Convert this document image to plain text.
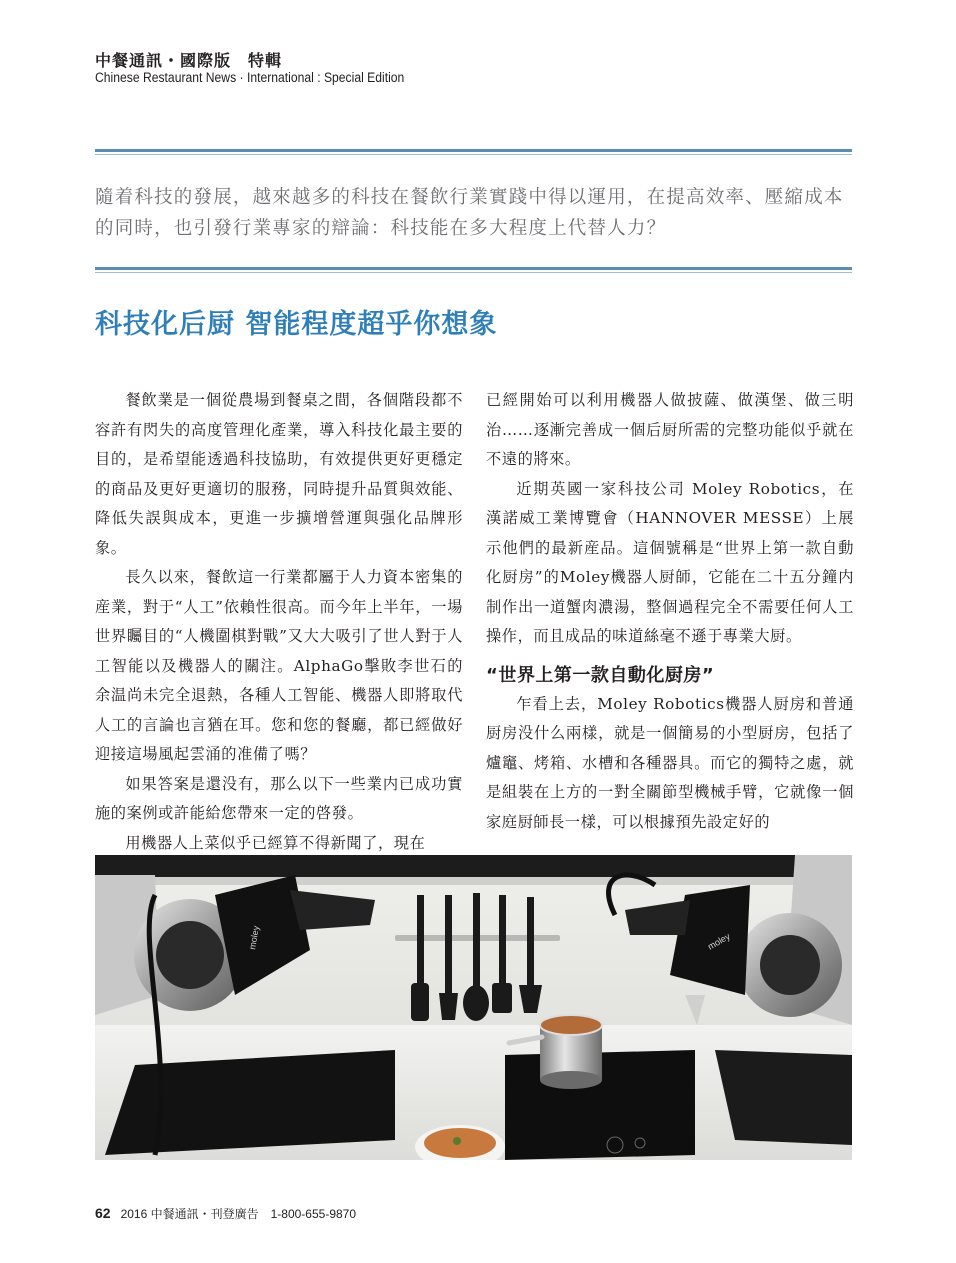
中餐通訊・國際版　特輯
Chinese Restaurant News · International : Special Edition

隨着科技的發展，越來越多的科技在餐飲行業實踐中得以運用，在提高效率、壓縮成本的同時，也引發行業專家的辯論：科技能在多大程度上代替人力？

科技化后厨 智能程度超乎你想象

餐飲業是一個從農場到餐桌之間，各個階段都不容許有閃失的高度管理化產業，導入科技化最主要的目的，是希望能透過科技協助，有效提供更好更穩定的商品及更好更適切的服務，同時提升品質與效能、降低失誤與成本，更進一步擴增營運與强化品牌形象。

長久以來，餐飲這一行業都屬于人力資本密集的産業，對于“人工”依賴性很高。而今年上半年，一場世界矚目的“人機圍棋對戰”又大大吸引了世人對于人工智能以及機器人的關注。AlphaGo擊敗李世石的余温尚未完全退熱，各種人工智能、機器人即將取代人工的言論也言猶在耳。您和您的餐廳，都已經做好迎接這場風起雲涌的准備了嗎？

如果答案是還没有，那么以下一些業内已成功實施的案例或許能給您帶來一定的啓發。

用機器人上菜似乎已經算不得新聞了，現在

已經開始可以利用機器人做披薩、做漢堡、做三明治……逐漸完善成一個后厨所需的完整功能似乎就在不遠的將來。

近期英國一家科技公司 Moley Robotics，在漢諾威工業博覽會（HANNOVER MESSE）上展示他們的最新産品。這個號稱是“世界上第一款自動化厨房”的Moley機器人厨師，它能在二十五分鐘内制作出一道蟹肉濃湯，整個過程完全不需要任何人工操作，而且成品的味道絲毫不遜于專業大厨。

“世界上第一款自動化厨房”

乍看上去，Moley Robotics機器人厨房和普通厨房没什么兩樣，就是一個簡易的小型厨房，包括了爐竈、烤箱、水槽和各種器具。而它的獨特之處，就是組裝在上方的一對全關節型機械手臂，它就像一個家庭厨師長一樣，可以根據預先設定好的

moley	moley
62 2016 中餐通訊・刊登廣告　1-800-655-9870
